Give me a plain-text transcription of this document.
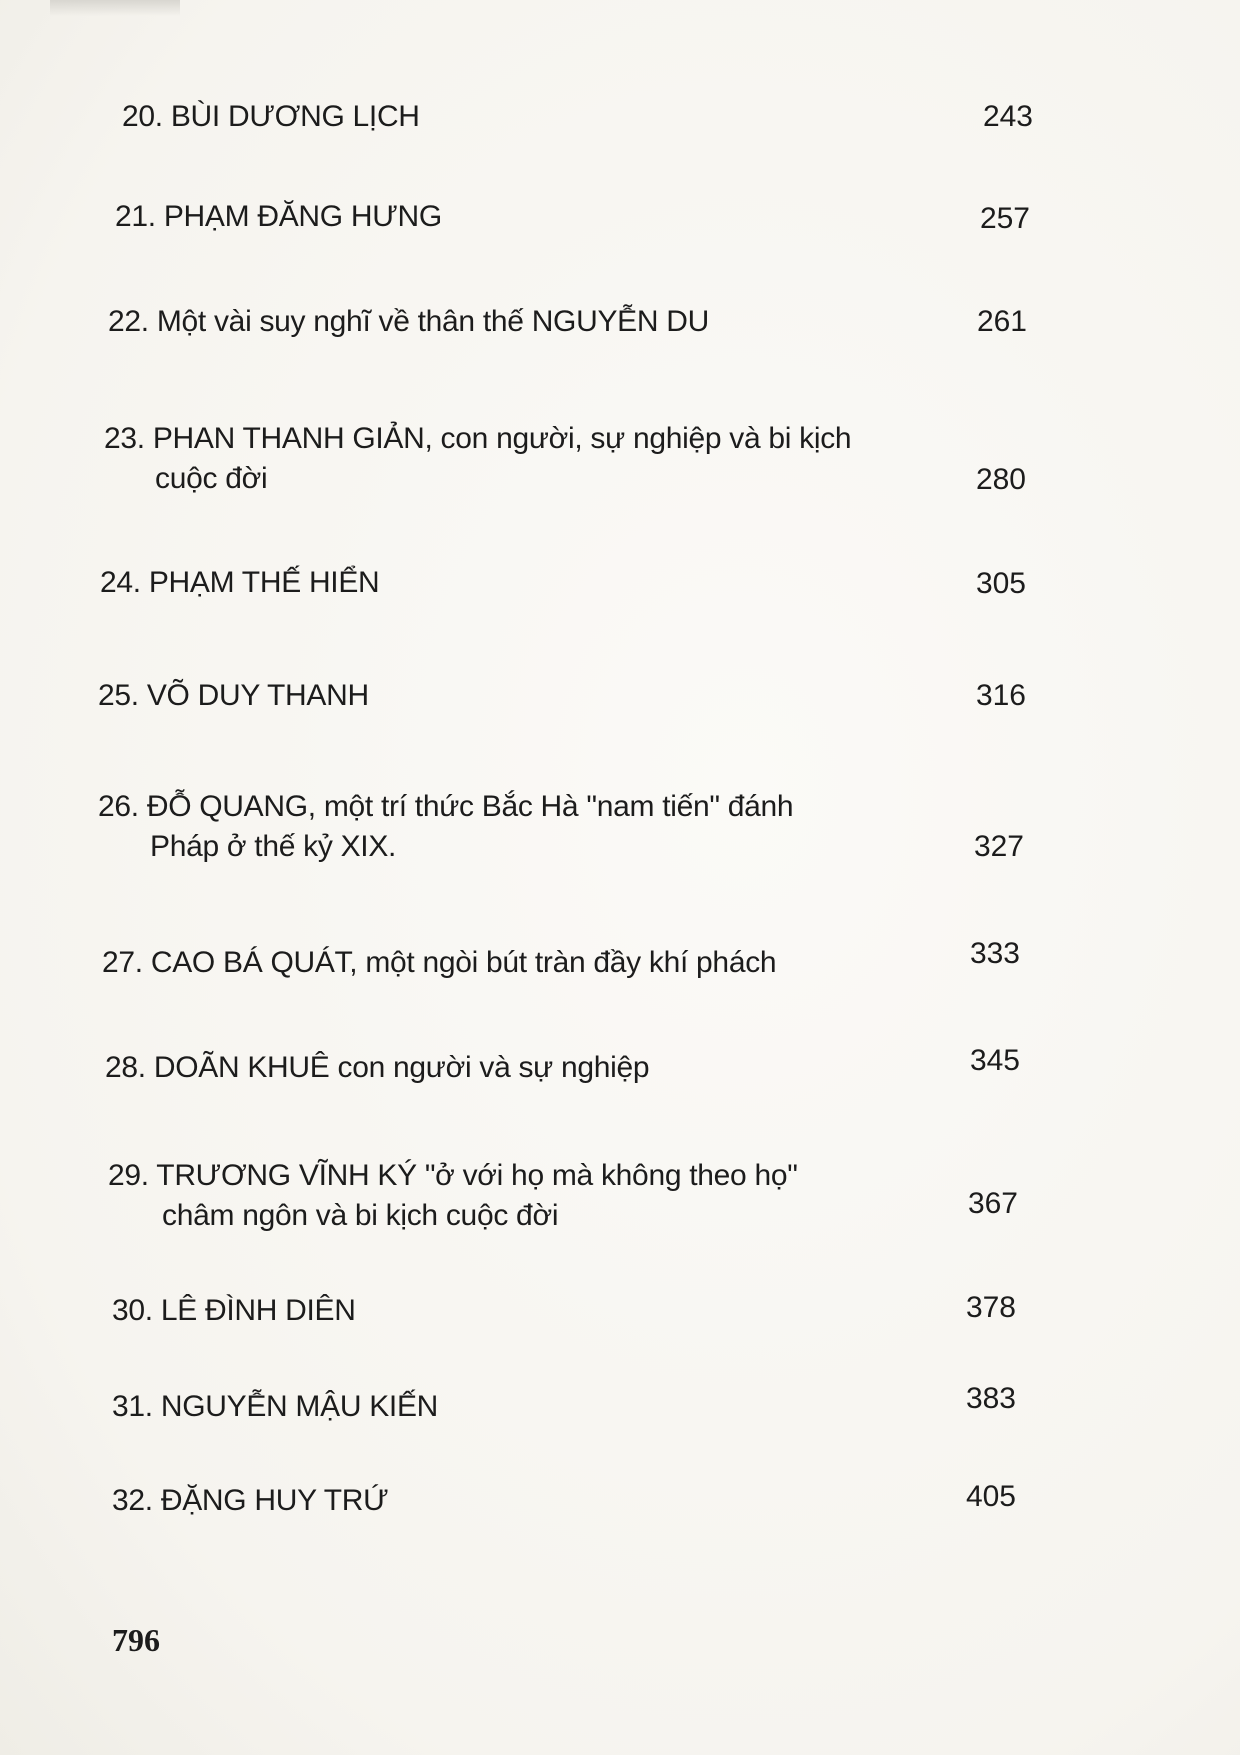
20. BÙI DƯƠNG LỊCH	243
21. PHẠM ĐĂNG HƯNG	257
22. Một vài suy nghĩ về thân thế NGUYỄN DU	261
23. PHAN THANH GIẢN, con người, sự nghiệp và bi kịch
cuộc đời	280
24. PHẠM THẾ HIỂN	305
25. VÕ DUY THANH	316
26. ĐỖ QUANG, một trí thức Bắc Hà "nam tiến" đánh
Pháp ở thế kỷ XIX.	327
27. CAO BÁ QUÁT, một ngòi bút tràn đầy khí phách	333
28. DOÃN KHUÊ con người và sự nghiệp	345
29. TRƯƠNG VĨNH KÝ "ở với họ mà không theo họ"
châm ngôn và bi kịch cuộc đời	367
30. LÊ ĐÌNH DIÊN	378
31. NGUYỄN MẬU KIẾN	383
32. ĐẶNG HUY TRỨ	405
796
